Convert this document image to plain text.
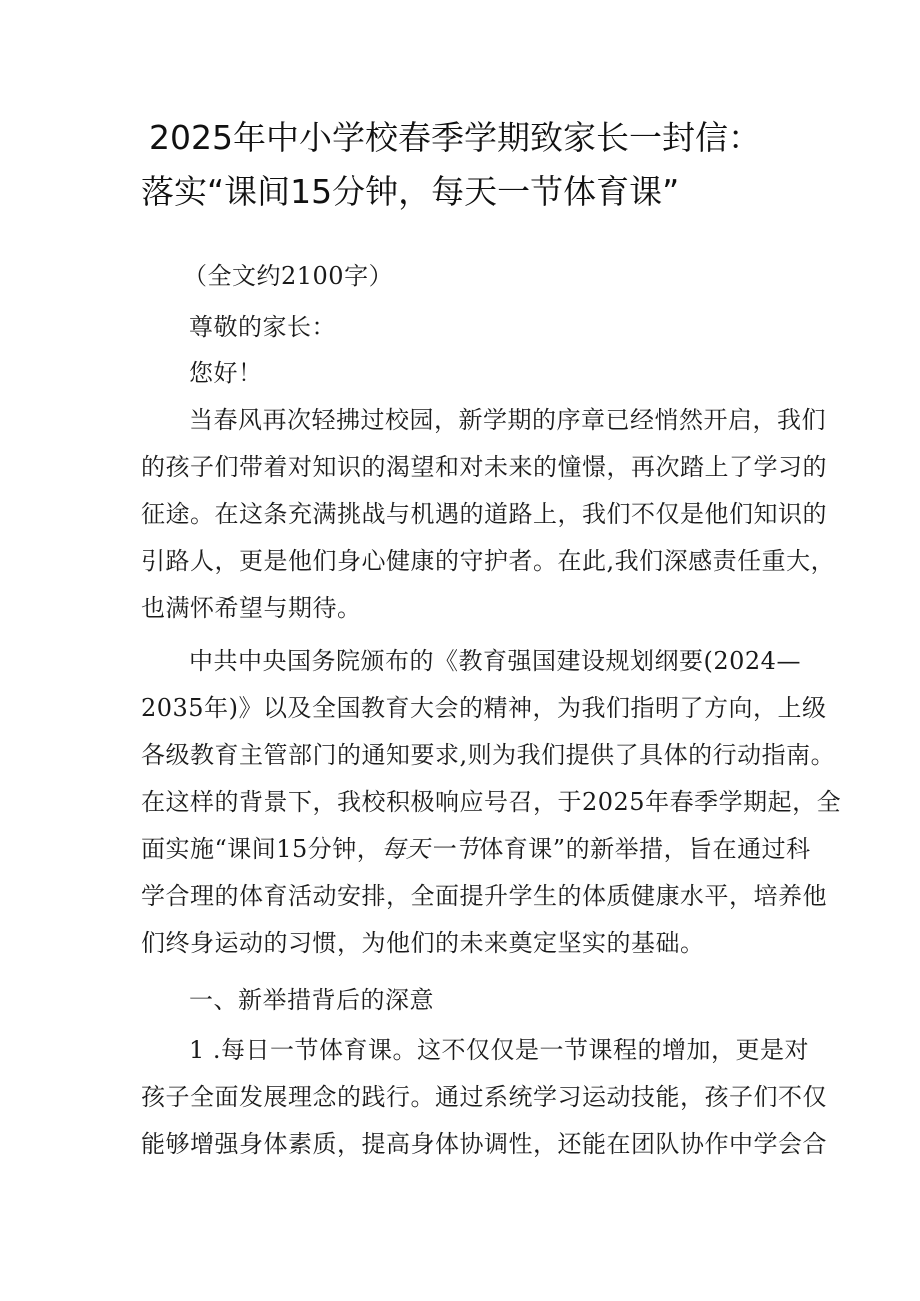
2025年中小学校春季学期致家长一封信：
落实“课间15分钟，每天一节体育课”
（全文约2100字）
尊敬的家长：
您好！
当春风再次轻拂过校园，新学期的序章已经悄然开启，我们
的孩子们带着对知识的渴望和对未来的憧憬，再次踏上了学习的
征途。在这条充满挑战与机遇的道路上，我们不仅是他们知识的
引路人，更是他们身心健康的守护者。在此,我们深感责任重大，
也满怀希望与期待。
中共中央国务院颁布的《教育强国建设规划纲要(2024—
2035年)》以及全国教育大会的精神，为我们指明了方向，上级
各级教育主管部门的通知要求,则为我们提供了具体的行动指南。
在这样的背景下，我校积极响应号召，于2025年春季学期起，全
面实施“课间15分钟，每天一节体育课”的新举措，旨在通过科
学合理的体育活动安排，全面提升学生的体质健康水平，培养他
们终身运动的习惯，为他们的未来奠定坚实的基础。
一、新举措背后的深意
1 .每日一节体育课。这不仅仅是一节课程的增加，更是对
孩子全面发展理念的践行。通过系统学习运动技能，孩子们不仅
能够增强身体素质，提高身体协调性，还能在团队协作中学会合
